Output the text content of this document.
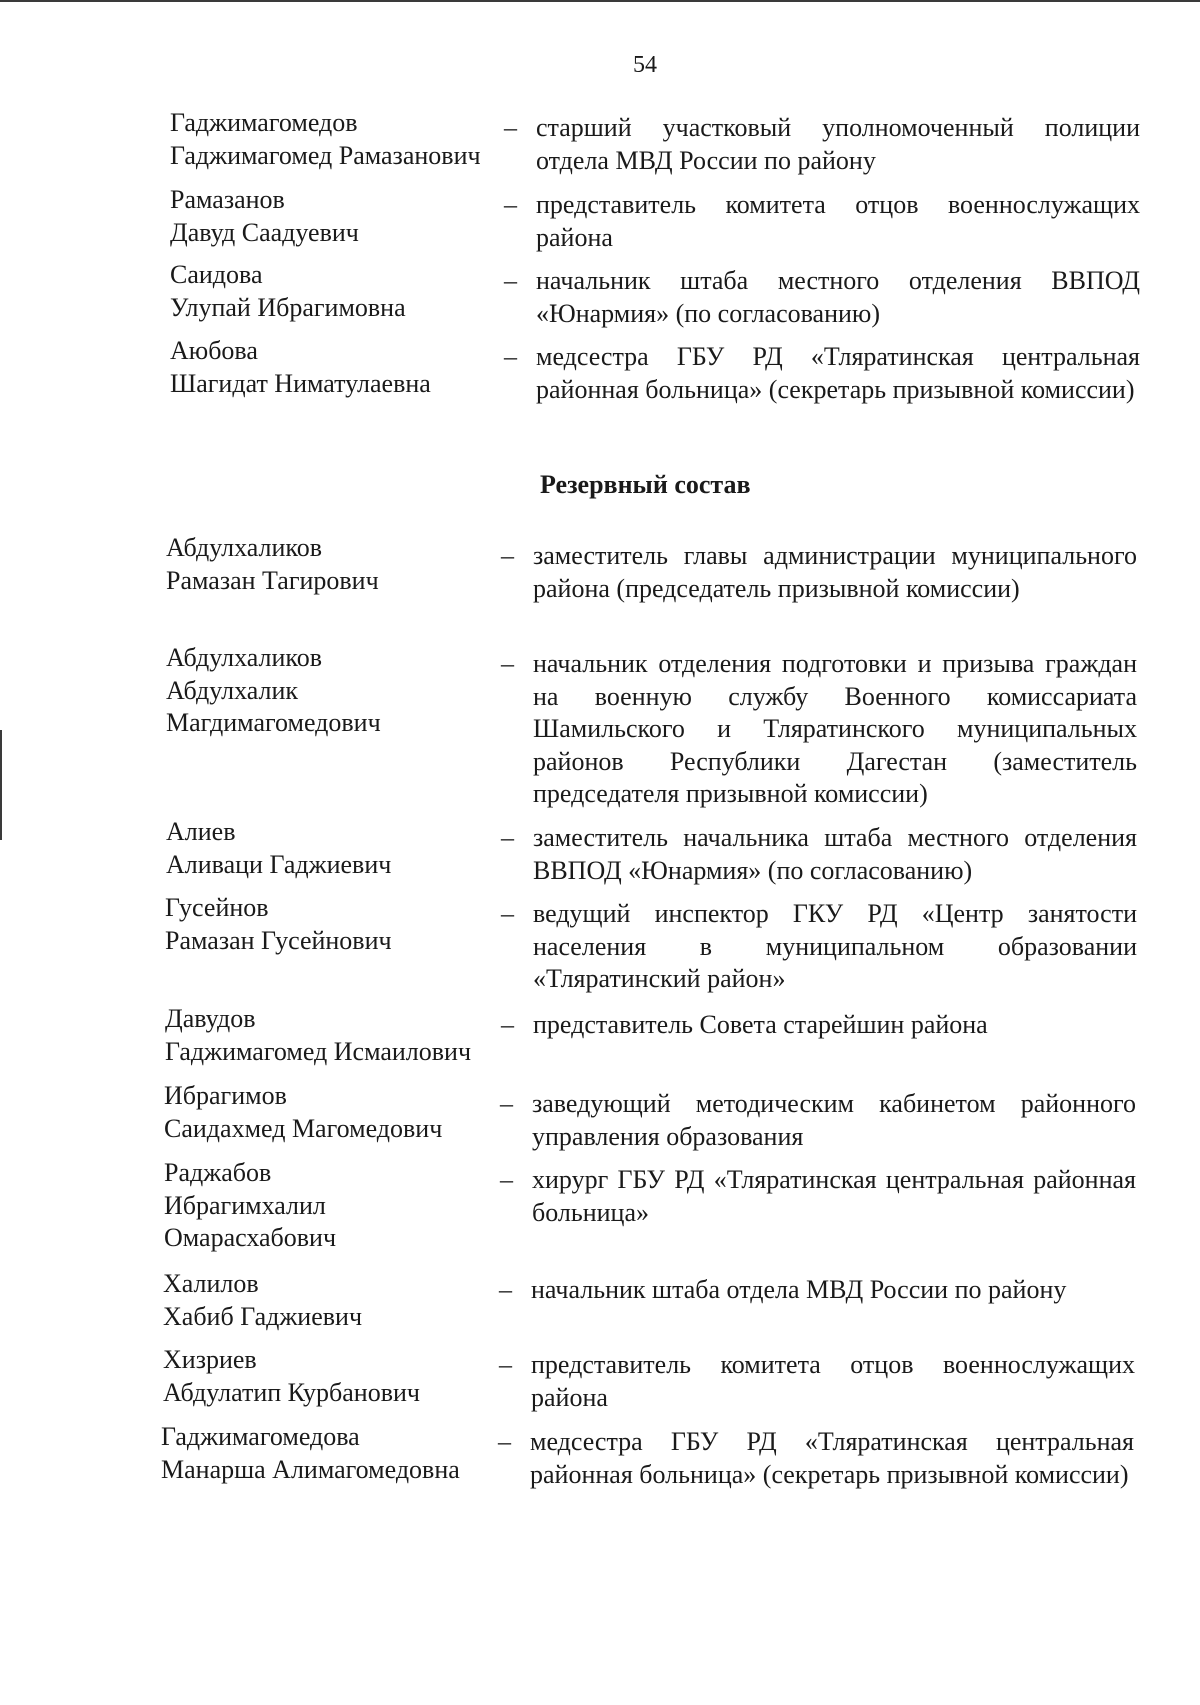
54
Гаджимагомедов
Гаджимагомед Рамазанович
– старший участковый уполномоченный полиции отдела МВД России по району
Рамазанов
Давуд Саадуевич
– представитель комитета отцов военнослужащих района
Саидова
Улупай Ибрагимовна
– начальник штаба местного отделения ВВПОД «Юнармия» (по согласованию)
Аюбова
Шагидат Ниматулаевна
– медсестра ГБУ РД «Тляратинская центральная районная больница» (секретарь призывной комиссии)
Резервный состав
Абдулхаликов
Рамазан Тагирович
– заместитель главы администрации муниципального района (председатель призывной комиссии)
Абдулхаликов
Абдулхалик
Магдимагомедович
– начальник отделения подготовки и призыва граждан на военную службу Военного комиссариата Шамильского и Тляратинского муниципальных районов Республики Дагестан (заместитель председателя призывной комиссии)
Алиев
Аливаци Гаджиевич
– заместитель начальника штаба местного отделения ВВПОД «Юнармия» (по согласованию)
Гусейнов
Рамазан Гусейнович
– ведущий инспектор ГКУ РД «Центр занятости населения в муниципальном образовании «Тляратинский район»
Давудов
Гаджимагомед Исмаилович
– представитель Совета старейшин района
Ибрагимов
Саидахмед Магомедович
– заведующий методическим кабинетом районного управления образования
Раджабов
Ибрагимхалил
Омарасхабович
– хирург ГБУ РД «Тляратинская центральная районная больница»
Халилов
Хабиб Гаджиевич
– начальник штаба отдела МВД России по району
Хизриев
Абдулатип Курбанович
– представитель комитета отцов военнослужащих района
Гаджимагомедова
Манарша Алимагомедовна
– медсестра ГБУ РД «Тляратинская центральная районная больница» (секретарь призывной комиссии)
